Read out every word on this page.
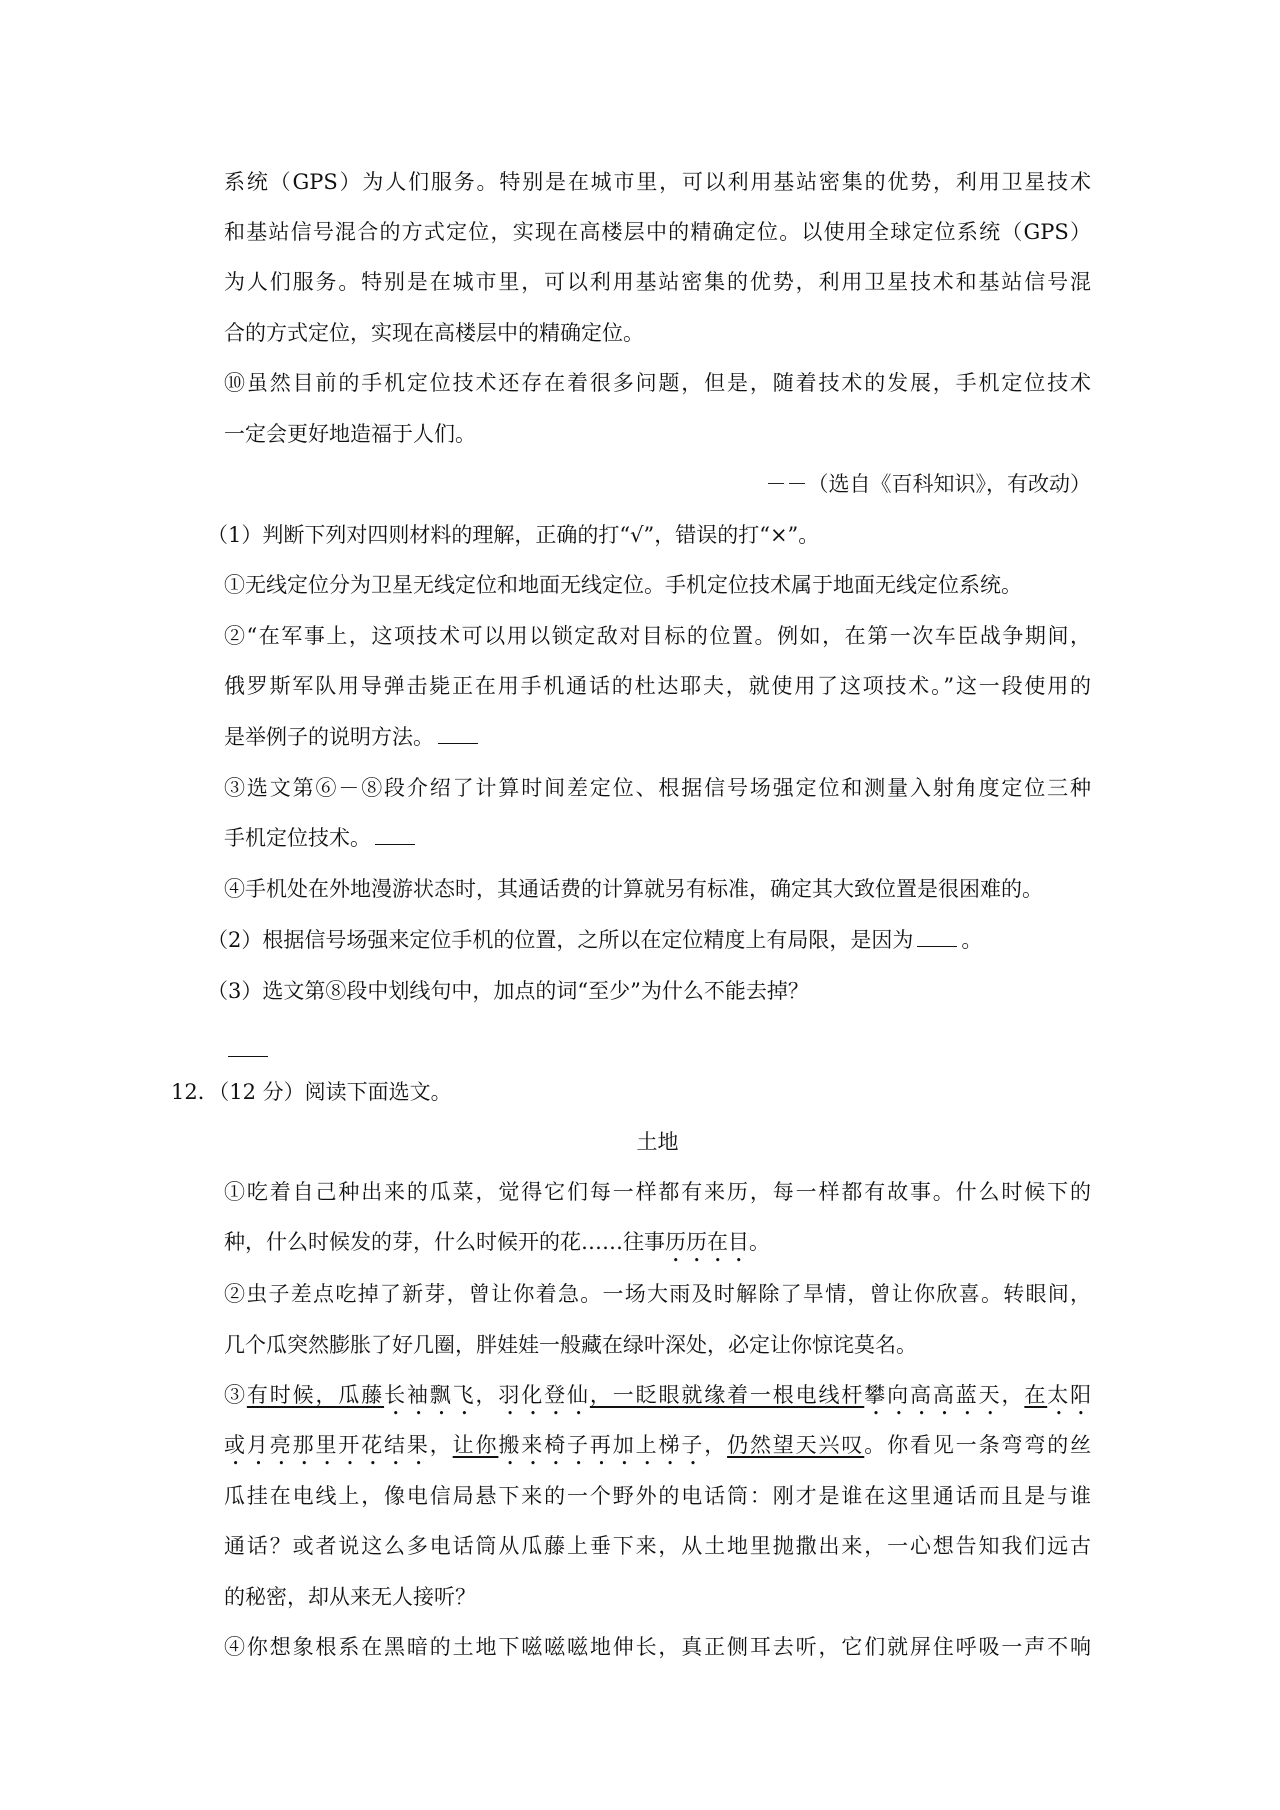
系统（GPS）为人们服务。特别是在城市里，可以利用基站密集的优势，利用卫星技术
和基站信号混合的方式定位，实现在高楼层中的精确定位。以使用全球定位系统（GPS）
为人们服务。特别是在城市里，可以利用基站密集的优势，利用卫星技术和基站信号混
合的方式定位，实现在高楼层中的精确定位。
⑩虽然目前的手机定位技术还存在着很多问题，但是，随着技术的发展，手机定位技术
一定会更好地造福于人们。
－－（选自《百科知识》，有改动）
（1）判断下列对四则材料的理解，正确的打“√”，错误的打“×”。
①无线定位分为卫星无线定位和地面无线定位。手机定位技术属于地面无线定位系统。
②“在军事上，这项技术可以用以锁定敌对目标的位置。例如，在第一次车臣战争期间，
俄罗斯军队用导弹击毙正在用手机通话的杜达耶夫，就使用了这项技术。”这一段使用的
是举例子的说明方法。
③选文第⑥－⑧段介绍了计算时间差定位、根据信号场强定位和测量入射角度定位三种
手机定位技术。
④手机处在外地漫游状态时，其通话费的计算就另有标准，确定其大致位置是很困难的。
（2）根据信号场强来定位手机的位置，之所以在定位精度上有局限，是因为 。
（3）选文第⑧段中划线句中，加点的词“至少”为什么不能去掉？
12．（12 分）阅读下面选文。
土地
①吃着自己种出来的瓜菜，觉得它们每一样都有来历，每一样都有故事。什么时候下的
种，什么时候发的芽，什么时候开的花……往事历历在目。
②虫子差点吃掉了新芽，曾让你着急。一场大雨及时解除了旱情，曾让你欣喜。转眼间，
几个瓜突然膨胀了好几圈，胖娃娃一般藏在绿叶深处，必定让你惊诧莫名。
③有时候，瓜藤长袖飘飞，羽化登仙，一眨眼就缘着一根电线杆攀向高高蓝天，在太阳
或月亮那里开花结果，让你搬来椅子再加上梯子，仍然望天兴叹。你看见一条弯弯的丝
瓜挂在电线上，像电信局悬下来的一个野外的电话筒：刚才是谁在这里通话而且是与谁
通话？或者说这么多电话筒从瓜藤上垂下来，从土地里抛撒出来，一心想告知我们远古
的秘密，却从来无人接听？
④你想象根系在黑暗的土地下嗞嗞嗞地伸长，真正侧耳去听，它们就屏住呼吸一声不响
